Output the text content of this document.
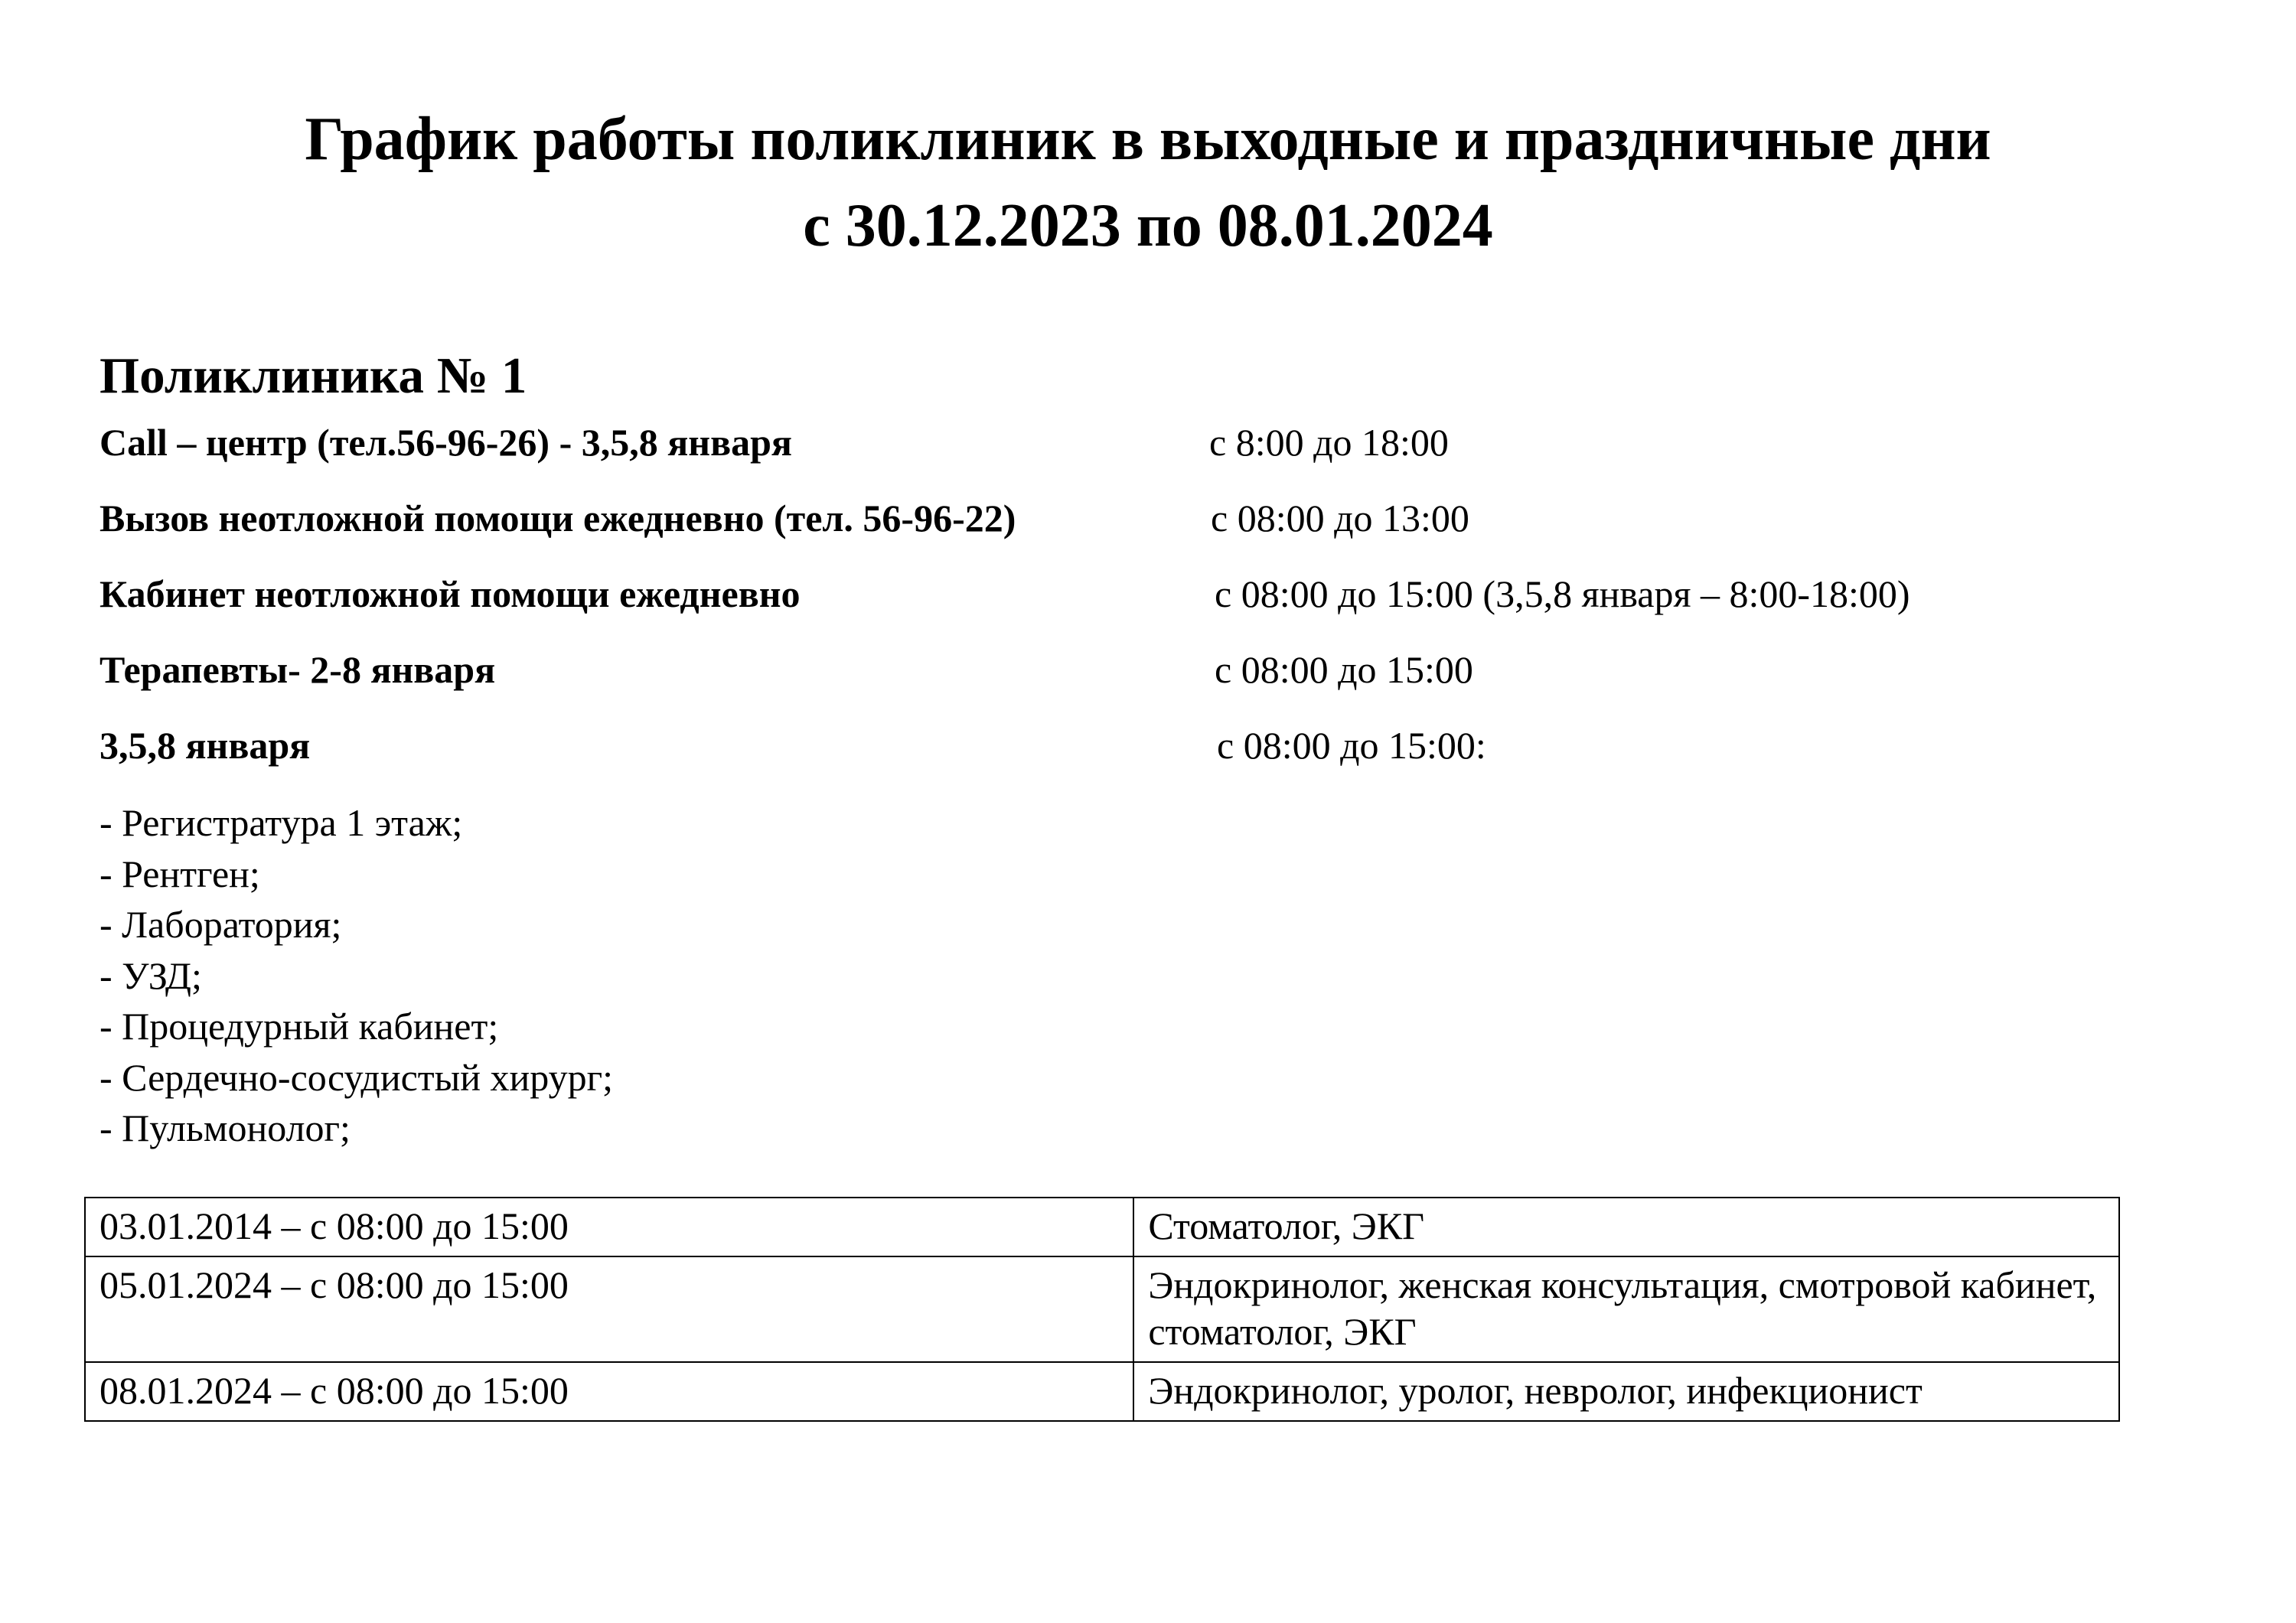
График работы поликлиник в выходные и праздничные дни
с 30.12.2023 по 08.01.2024
Поликлиника № 1
Call – центр (тел.56-96-26) - 3,5,8 января	с 8:00 до 18:00
Вызов неотложной помощи ежедневно (тел. 56-96-22)	с 08:00 до 13:00
Кабинет неотложной помощи ежедневно	с 08:00 до 15:00 (3,5,8 января – 8:00-18:00)
Терапевты- 2-8 января	с 08:00 до 15:00
3,5,8 января	с 08:00 до 15:00:
- Регистратура 1 этаж;
- Рентген;
- Лаборатория;
- УЗД;
- Процедурный кабинет;
- Сердечно-сосудистый хирург;
- Пульмонолог;
03.01.2014 – с 08:00 до 15:00	Стоматолог, ЭКГ
05.01.2024 – с 08:00 до 15:00	Эндокринолог, женская консультация, смотровой кабинет, стоматолог, ЭКГ
08.01.2024 – с 08:00 до 15:00	Эндокринолог, уролог, невролог, инфекционист
